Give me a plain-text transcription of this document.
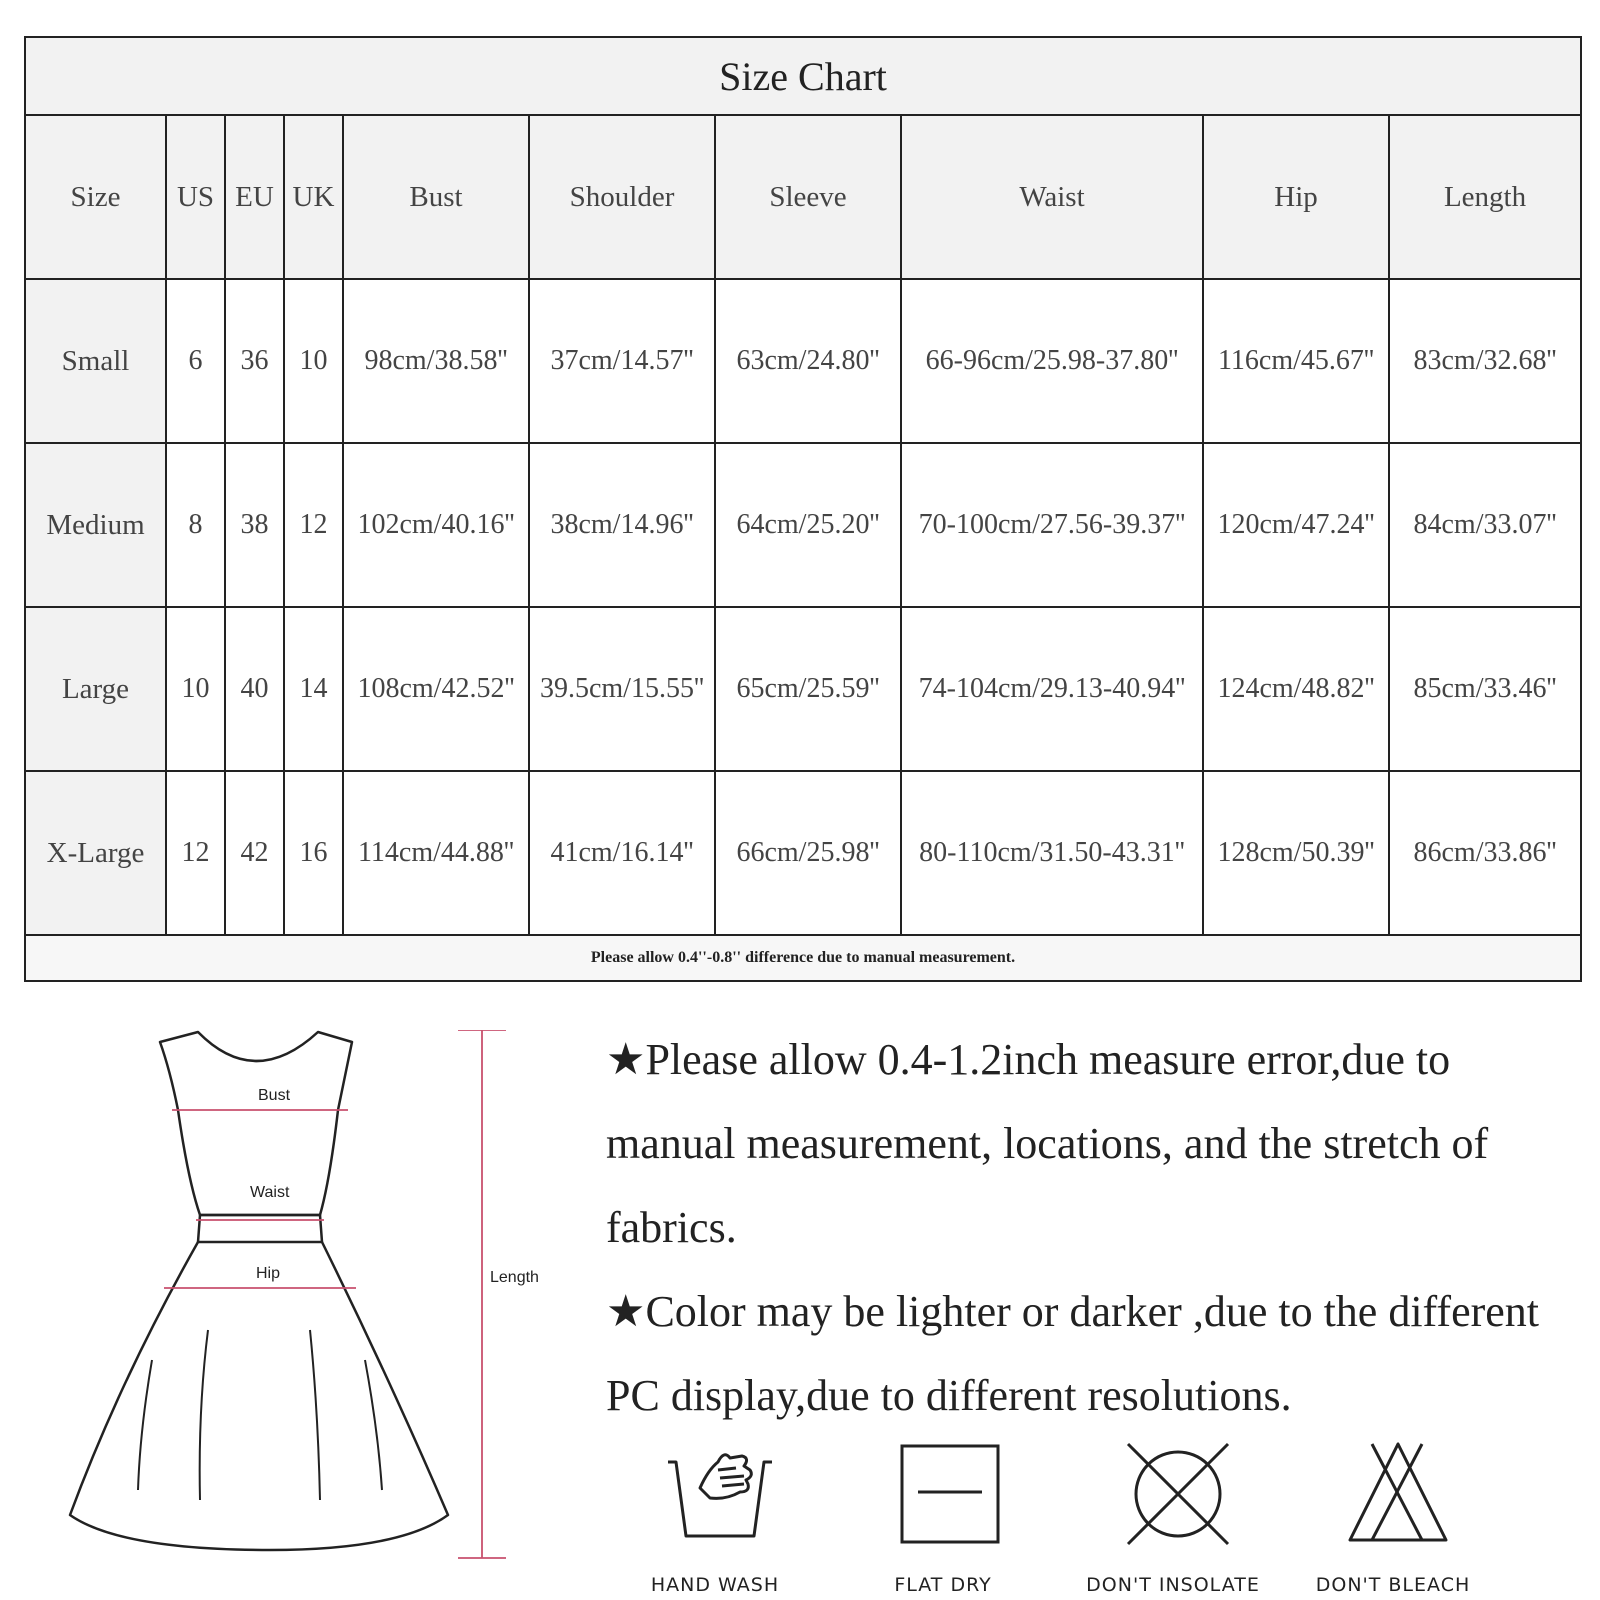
Size Chart									
Size	US	EU	UK	Bust	Shoulder	Sleeve	Waist	Hip	Length
Small	6	36	10	98cm/38.58''	37cm/14.57''	63cm/24.80''	66-96cm/25.98-37.80''	116cm/45.67''	83cm/32.68''
Medium	8	38	12	102cm/40.16''	38cm/14.96''	64cm/25.20''	70-100cm/27.56-39.37''	120cm/47.24''	84cm/33.07''
Large	10	40	14	108cm/42.52''	39.5cm/15.55''	65cm/25.59''	74-104cm/29.13-40.94''	124cm/48.82''	85cm/33.46''
X-Large	12	42	16	114cm/44.88''	41cm/16.14''	66cm/25.98''	80-110cm/31.50-43.31''	128cm/50.39''	86cm/33.86''
Please allow 0.4''-0.8'' difference due to manual measurement.									
Bust
Waist
Hip	Length

★Please allow 0.4-1.2inch measure error,due to manual measurement, locations, and the stretch of fabrics.

★Color may be lighter or darker ,due to the different PC display,due to different resolutions.

HAND WASH	FLAT DRY	DON'T INSOLATE	DON'T BLEACH
